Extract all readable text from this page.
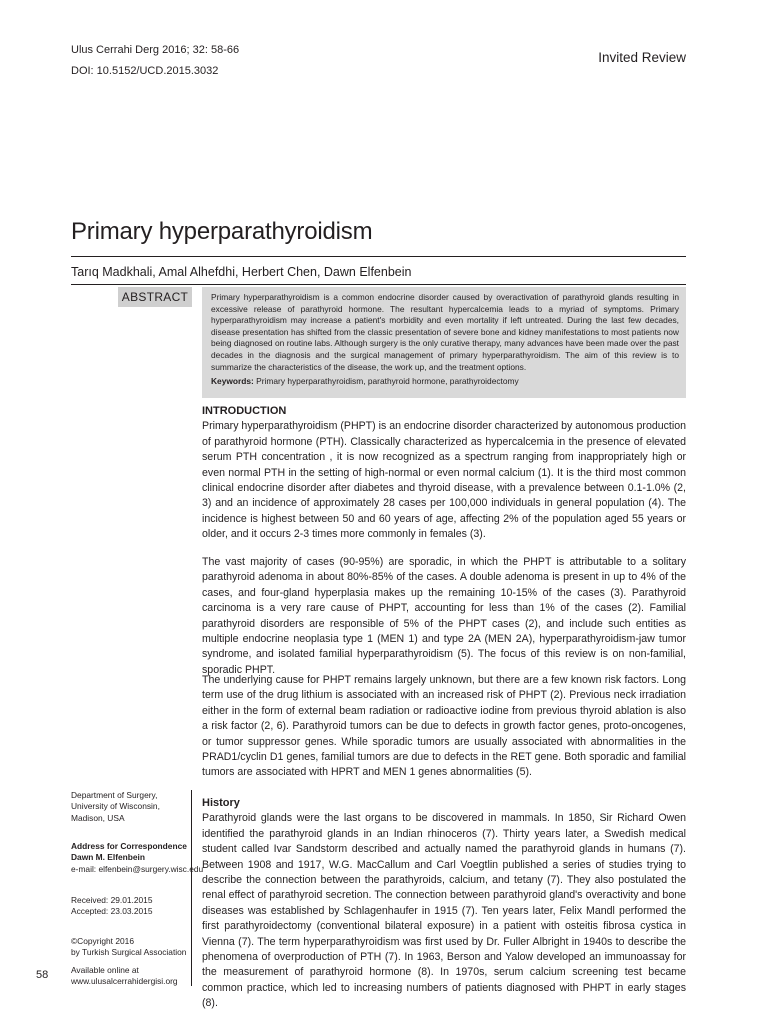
Ulus Cerrahi Derg 2016; 32: 58-66
DOI: 10.5152/UCD.2015.3032
Invited Review
Primary hyperparathyroidism
Tarıq Madkhali, Amal Alhefdhi, Herbert Chen, Dawn Elfenbein
ABSTRACT	Primary hyperparathyroidism is a common endocrine disorder caused by overactivation of parathyroid glands resulting in excessive release of parathyroid hormone. The resultant hypercalcemia leads to a myriad of symptoms. Primary hyperparathyroidism may increase a patient's morbidity and even mortality if left untreated. During the last few decades, disease presentation has shifted from the classic presentation of severe bone and kidney manifestations to most patients now being diagnosed on routine labs. Although surgery is the only curative therapy, many advances have been made over the past decades in the diagnosis and the surgical management of primary hyperparathyroidism. The aim of this review is to summarize the characteristics of the disease, the work up, and the treatment options.

Keywords: Primary hyperparathyroidism, parathyroid hormone, parathyroidectomy

INTRODUCTION

Primary hyperparathyroidism (PHPT) is an endocrine disorder characterized by autonomous production of parathyroid hormone (PTH). Classically characterized as hypercalcemia in the presence of elevated serum PTH concentration , it is now recognized as a spectrum ranging from inappropriately high or even normal PTH in the setting of high-normal or even normal calcium (1). It is the third most common clinical endocrine disorder after diabetes and thyroid disease, with a prevalence between 0.1-1.0% (2, 3) and an incidence of approximately 28 cases per 100,000 individuals in general population (4). The incidence is highest between 50 and 60 years of age, affecting 2% of the population aged 55 years or older, and it occurs 2-3 times more commonly in females (3).

The vast majority of cases (90-95%) are sporadic, in which the PHPT is attributable to a solitary parathyroid adenoma in about 80%-85% of the cases. A double adenoma is present in up to 4% of the cases, and four-gland hyperplasia makes up the remaining 10-15% of the cases (3). Parathyroid carcinoma is a very rare cause of PHPT, accounting for less than 1% of the cases (2). Familial parathyroid disorders are responsible of 5% of the PHPT cases (2), and include such entities as multiple endocrine neoplasia type 1 (MEN 1) and type 2A (MEN 2A), hyperparathyroidism-jaw tumor syndrome, and isolated familial hyperparathyroidism (5). The focus of this review is on non-familial, sporadic PHPT.
The underlying cause for PHPT remains largely unknown, but there are a few known risk factors. Long term use of the drug lithium is associated with an increased risk of PHPT (2). Previous neck irradiation either in the form of external beam radiation or radioactive iodine from previous thyroid ablation is also a risk factor (2, 6). Parathyroid tumors can be due to defects in growth factor genes, proto-oncogenes, or tumor suppressor genes. While sporadic tumors are usually associated with abnormalities in the PRAD1/cyclin D1 genes, familial tumors are due to defects in the RET gene. Both sporadic and familial tumors are associated with HPRT and MEN 1 genes abnormalities (5).

History

Parathyroid glands were the last organs to be discovered in mammals. In 1850, Sir Richard Owen identified the parathyroid glands in an Indian rhinoceros (7). Thirty years later, a Swedish medical student called Ivar Sandstorm described and actually named the parathyroid glands in humans (7). Between 1908 and 1917, W.G. MacCallum and Carl Voegtlin published a series of studies trying to describe the connection between the parathyroids, calcium, and tetany (7). They also postulated the renal effect of parathyroid secretion. The connection between parathyroid gland's overactivity and bone diseases was established by Schlagenhaufer in 1915 (7). Ten years later, Felix Mandl performed the first parathyroidectomy (conventional bilateral exposure) in a patient with osteitis fibrosa cystica in Vienna (7). The term hyperparathyroidism was first used by Dr. Fuller Albright in 1940s to describe the phenomena of overproduction of PTH (7). In 1963, Berson and Yalow developed an immunoassay for the measurement of parathyroid hormone (8). In 1970s, serum calcium screening test became common practice, which led to increasing numbers of patients diagnosed with PHPT in early stages (8).

Department of Surgery,

University of Wisconsin,

Madison, USA

Address for Correspondence

Dawn M. Elfenbein

e-mail: elfenbein@surgery.wisc.edu

Received: 29.01.2015

Accepted: 23.03.2015

©Copyright 2016

by Turkish Surgical Association

Available online at

www.ulusalcerrahidergisi.org

58
